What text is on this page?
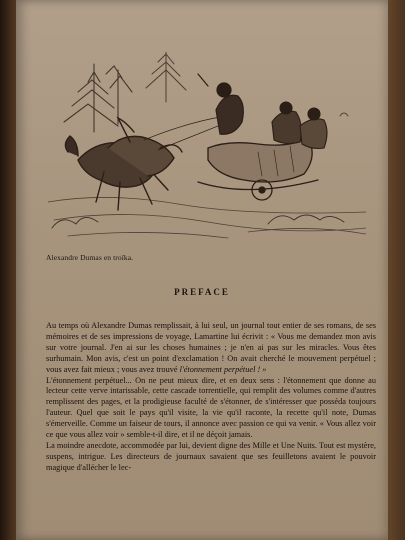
Alexandre Dumas en troïka.
PREFACE

Au temps où Alexandre Dumas remplissait, à lui seul, un journal tout entier de ses romans, de ses mémoires et de ses impressions de voyage, Lamartine lui écrivit : « Vous me demandez mon avis sur votre journal. J'en ai sur les choses humaines ; je n'en ai pas sur les miracles. Vous êtes surhumain. Mon avis, c'est un point d'exclamation ! On avait cherché le mouvement perpétuel ; vous avez fait mieux ; vous avez trouvé l'étonnement perpétuel ! »

L'étonnement perpétuel... On ne peut mieux dire, et en deux sens : l'étonnement que donne au lecteur cette verve intarissable, cette cascade torrentielle, qui remplit des volumes comme d'autres remplissent des pages, et la prodigieuse faculté de s'étonner, de s'intéresser que posséda toujours l'auteur. Quel que soit le pays qu'il visite, la vie qu'il raconte, la recette qu'il note, Dumas s'émerveille. Comme un faiseur de tours, il annonce avec passion ce qui va venir. « Vous allez voir ce que vous allez voir » semble-t-il dire, et il ne déçoit jamais.

La moindre anecdote, accommodée par lui, devient digne des Mille et Une Nuits. Tout est mystère, suspens, intrigue. Les directeurs de journaux savaient que ses feuilletons avaient le pouvoir magique d'allécher le lec-
